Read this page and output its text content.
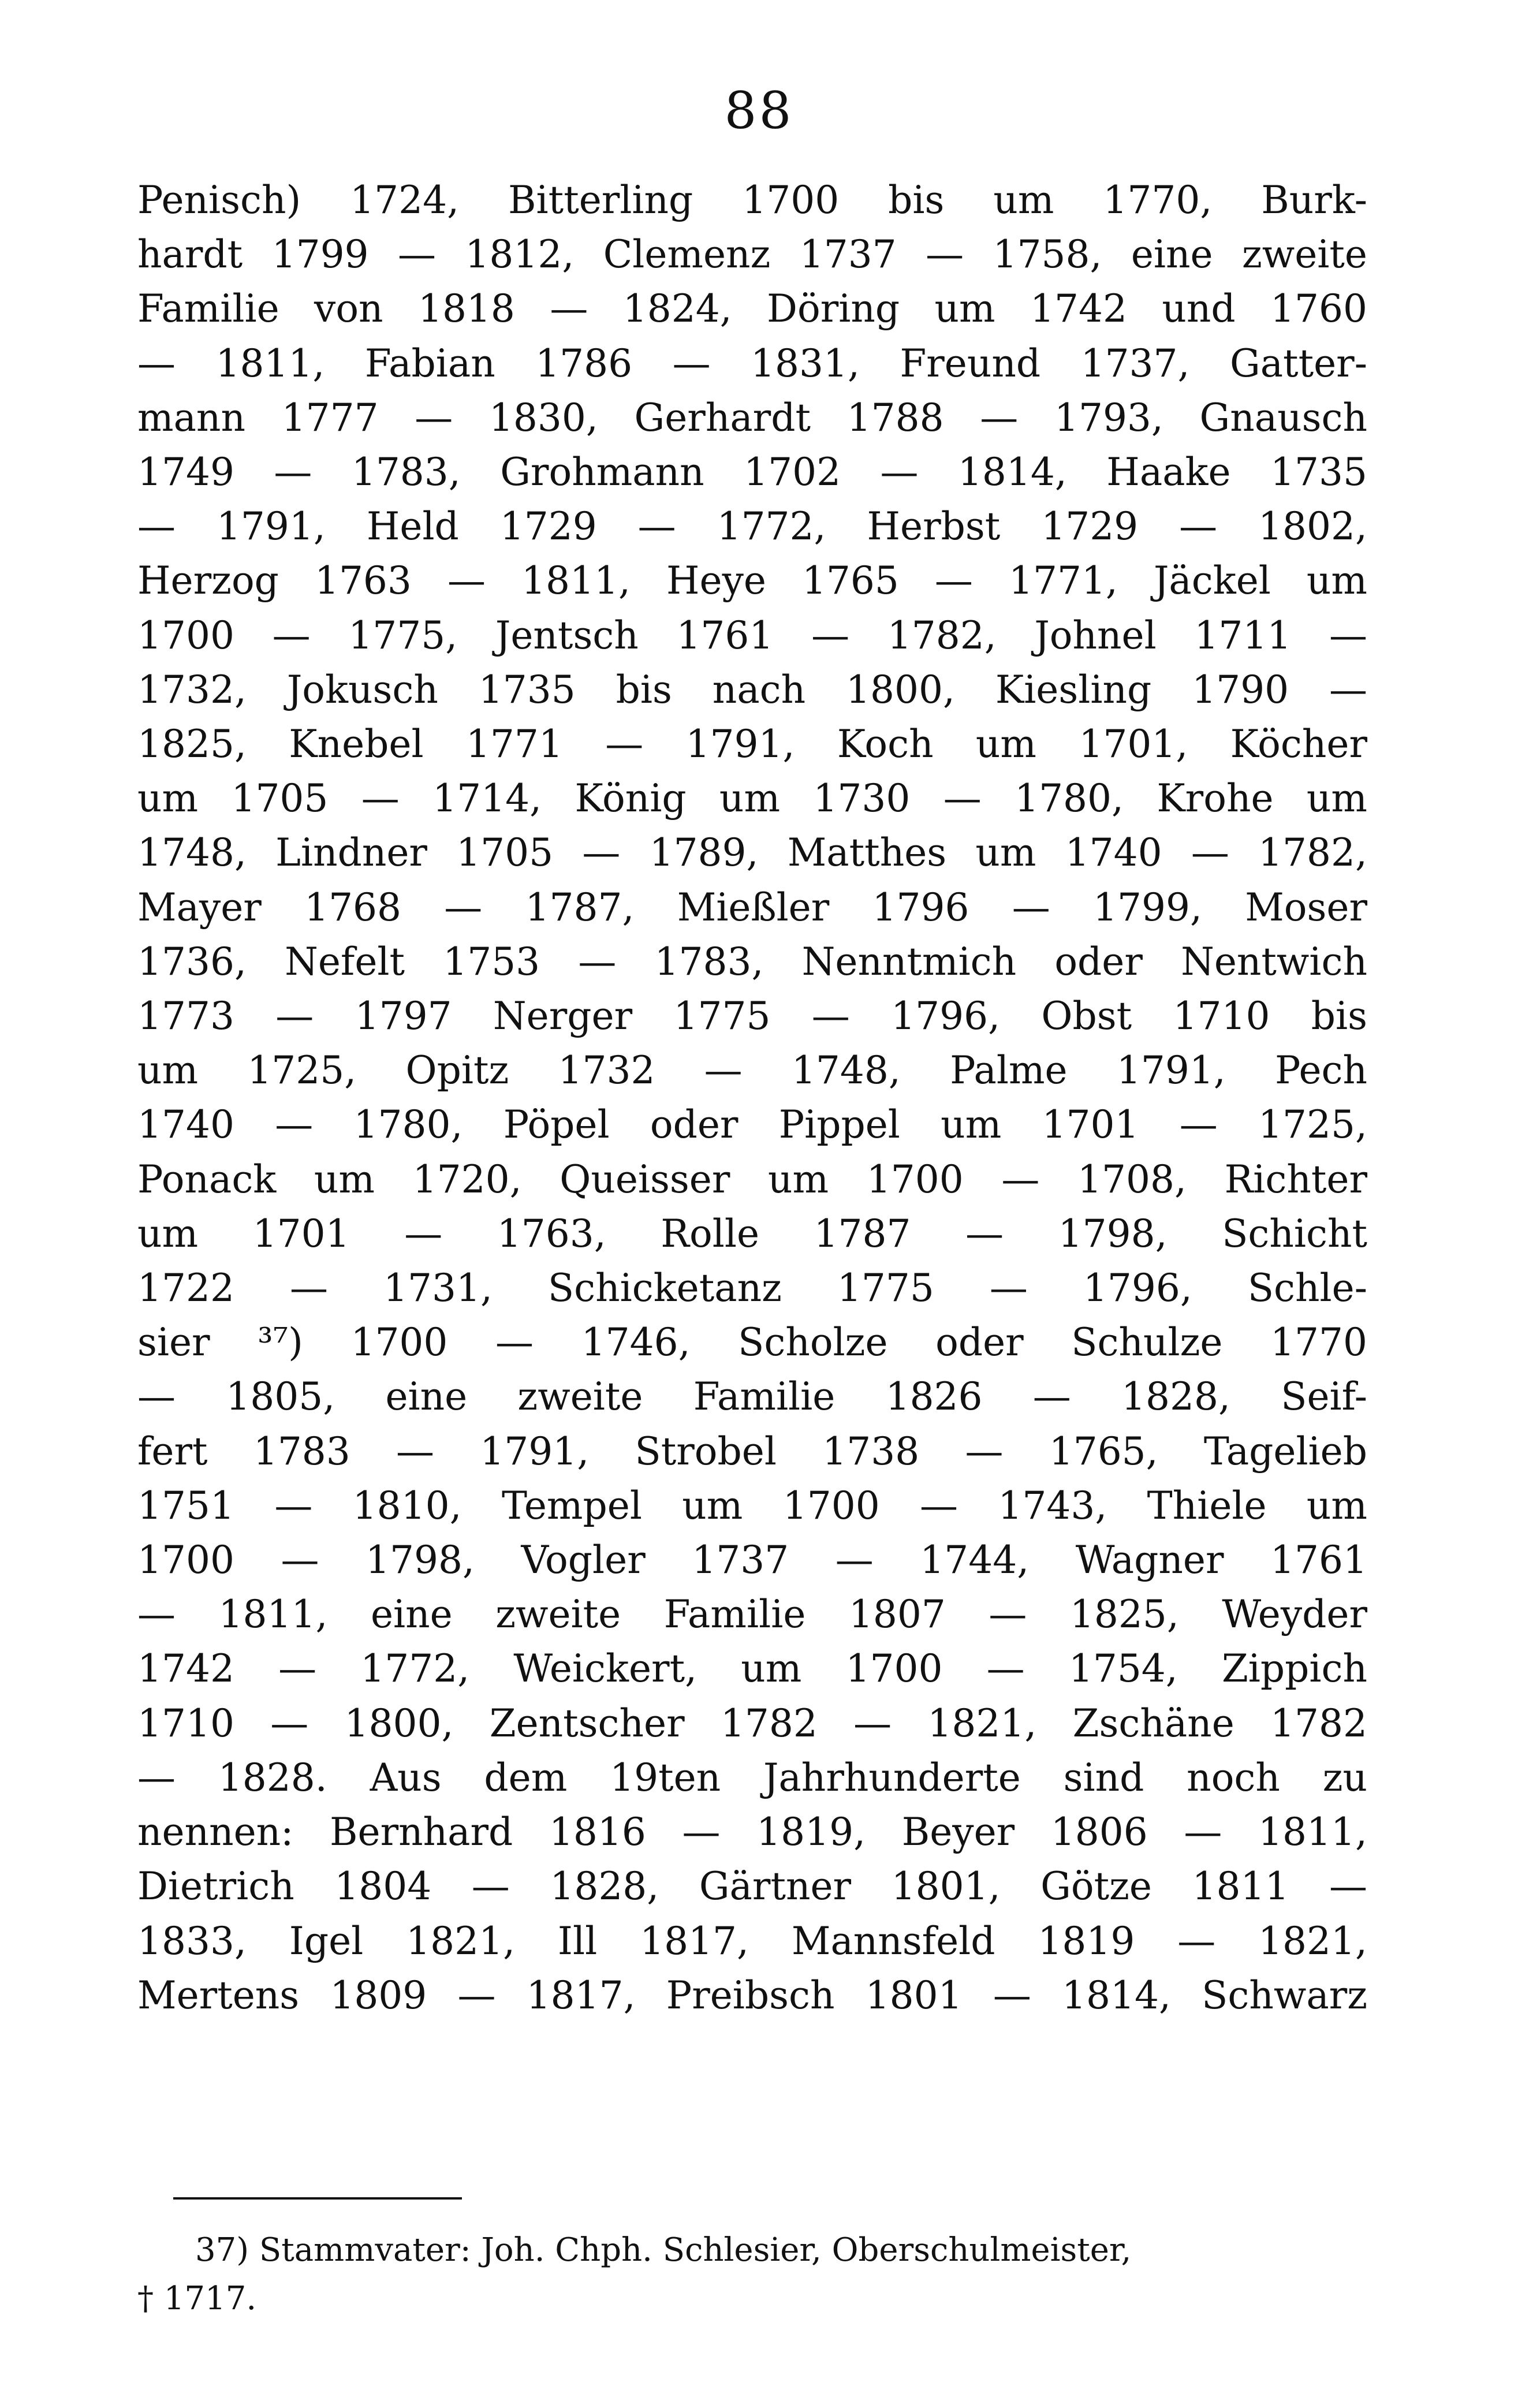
88
Penisch) 1724, Bitterling 1700 bis um 1770, Burk-
hardt 1799 — 1812, Clemenz 1737 — 1758, eine zweite
Familie von 1818 — 1824, Döring um 1742 und 1760
— 1811, Fabian 1786 — 1831, Freund 1737, Gatter-
mann 1777 — 1830, Gerhardt 1788 — 1793, Gnausch
1749 — 1783, Grohmann 1702 — 1814, Haake 1735
— 1791, Held 1729 — 1772, Herbst 1729 — 1802,
Herzog 1763 — 1811, Heye 1765 — 1771, Jäckel um
1700 — 1775, Jentsch 1761 — 1782, Johnel 1711 —
1732, Jokusch 1735 bis nach 1800, Kiesling 1790 —
1825, Knebel 1771 — 1791, Koch um 1701, Köcher
um 1705 — 1714, König um 1730 — 1780, Krohe um
1748, Lindner 1705 — 1789, Matthes um 1740 — 1782,
Mayer 1768 — 1787, Mießler 1796 — 1799, Moser
1736, Nefelt 1753 — 1783, Nenntmich oder Nentwich
1773 — 1797 Nerger 1775 — 1796, Obst 1710 bis
um 1725, Opitz 1732 — 1748, Palme 1791, Pech
1740 — 1780, Pöpel oder Pippel um 1701 — 1725,
Ponack um 1720, Queisser um 1700 — 1708, Richter
um 1701 — 1763, Rolle 1787 — 1798, Schicht
1722 — 1731, Schicketanz 1775 — 1796, Schle-
sier ³⁷) 1700 — 1746, Scholze oder Schulze 1770
— 1805, eine zweite Familie 1826 — 1828, Seif-
fert 1783 — 1791, Strobel 1738 — 1765, Tagelieb
1751 — 1810, Tempel um 1700 — 1743, Thiele um
1700 — 1798, Vogler 1737 — 1744, Wagner 1761
— 1811, eine zweite Familie 1807 — 1825, Weyder
1742 — 1772, Weickert, um 1700 — 1754, Zippich
1710 — 1800, Zentscher 1782 — 1821, Zschäne 1782
— 1828. Aus dem 19ten Jahrhunderte sind noch zu
nennen: Bernhard 1816 — 1819, Beyer 1806 — 1811,
Dietrich 1804 — 1828, Gärtner 1801, Götze 1811 —
1833, Igel 1821, Ill 1817, Mannsfeld 1819 — 1821,
Mertens 1809 — 1817, Preibsch 1801 — 1814, Schwarz
37) Stammvater: Joh. Chph. Schlesier, Oberschulmeister,
† 1717.
